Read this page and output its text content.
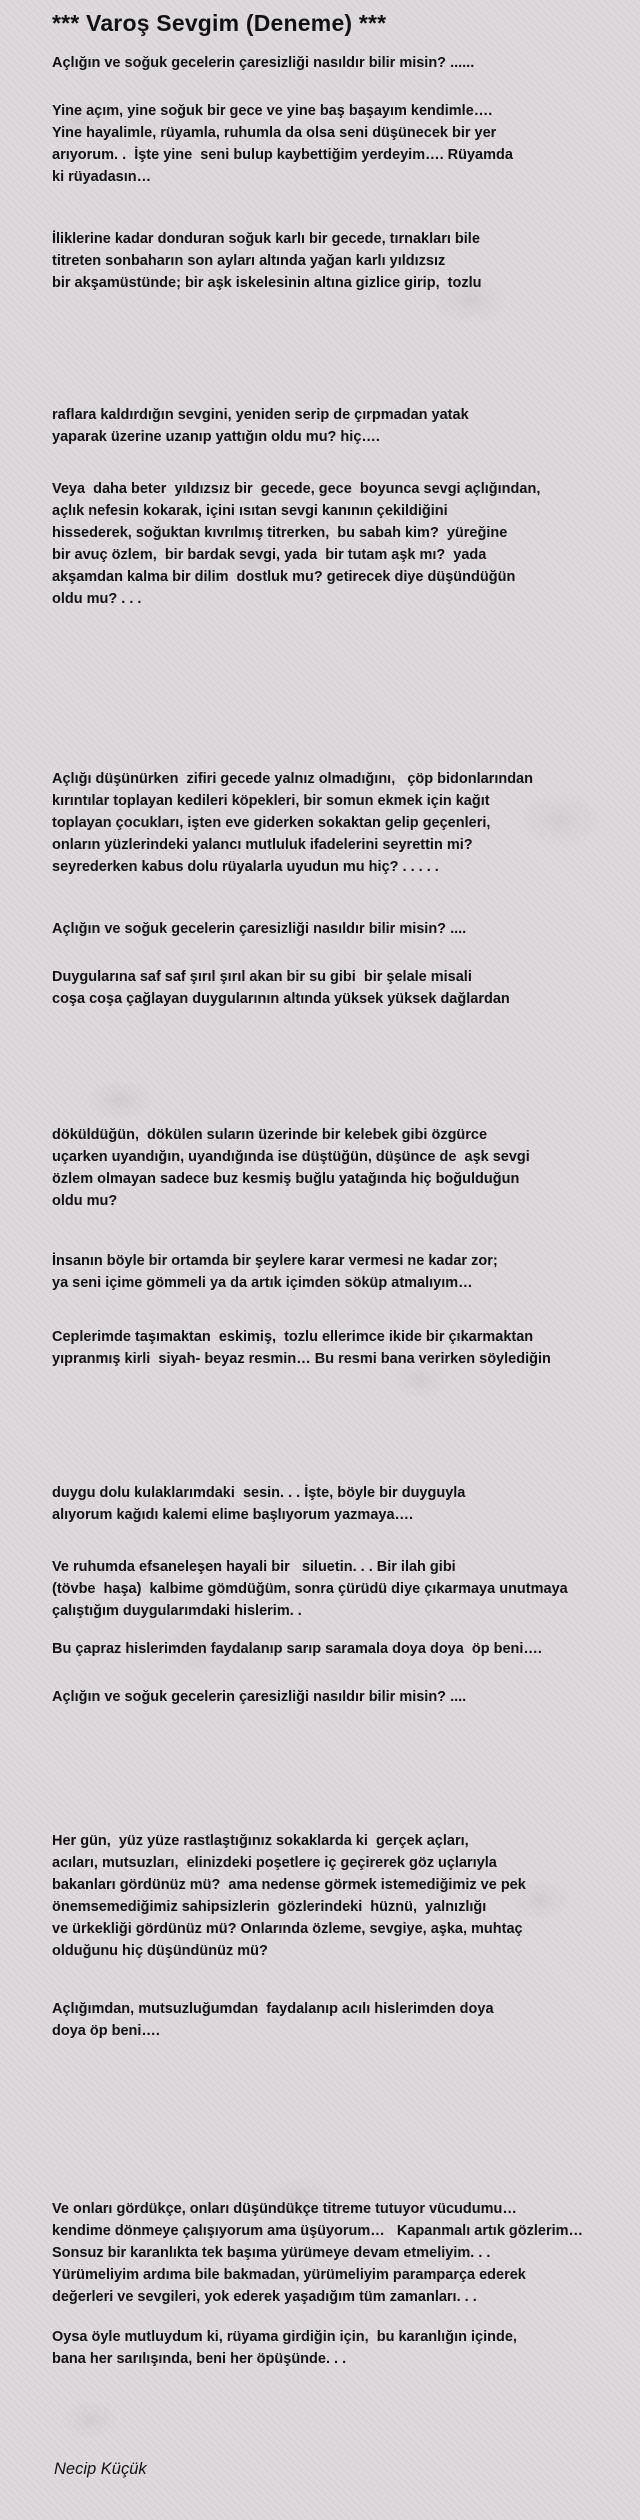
*** Varoş Sevgim (Deneme) ***

Açlığın ve soğuk gecelerin çaresizliği nasıldır bilir misin? ......

Yine açım, yine soğuk bir gece ve yine baş başayım kendimle….
Yine hayalimle, rüyamla, ruhumla da olsa seni düşünecek bir yer
arıyorum. .  İşte yine  seni bulup kaybettiğim yerdeyim…. Rüyamda
ki rüyadasın…

İliklerine kadar donduran soğuk karlı bir gecede, tırnakları bile
titreten sonbaharın son ayları altında yağan karlı yıldızsız
bir akşamüstünde; bir aşk iskelesinin altına gizlice girip,  tozlu

raflara kaldırdığın sevgini, yeniden serip de çırpmadan yatak
yaparak üzerine uzanıp yattığın oldu mu? hiç….

Veya  daha beter  yıldızsız bir  gecede, gece  boyunca sevgi açlığından,
açlık nefesin kokarak, içini ısıtan sevgi kanının çekildiğini
hissederek, soğuktan kıvrılmış titrerken,  bu sabah kim?  yüreğine
bir avuç özlem,  bir bardak sevgi, yada  bir tutam aşk mı?  yada
akşamdan kalma bir dilim  dostluk mu? getirecek diye düşündüğün
oldu mu? . . .

Açlığı düşünürken  zifiri gecede yalnız olmadığını,   çöp bidonlarından
kırıntılar toplayan kedileri köpekleri, bir somun ekmek için kağıt
toplayan çocukları, işten eve giderken sokaktan gelip geçenleri,
onların yüzlerindeki yalancı mutluluk ifadelerini seyrettin mi?
seyrederken kabus dolu rüyalarla uyudun mu hiç? . . . . .

Açlığın ve soğuk gecelerin çaresizliği nasıldır bilir misin? ....

Duygularına saf saf şırıl şırıl akan bir su gibi  bir şelale misali
coşa coşa çağlayan duygularının altında yüksek yüksek dağlardan

döküldüğün,  dökülen suların üzerinde bir kelebek gibi özgürce
uçarken uyandığın, uyandığında ise düştüğün, düşünce de  aşk sevgi
özlem olmayan sadece buz kesmiş buğlu yatağında hiç boğulduğun
oldu mu?

İnsanın böyle bir ortamda bir şeylere karar vermesi ne kadar zor;
ya seni içime gömmeli ya da artık içimden söküp atmalıyım…

Ceplerimde taşımaktan  eskimiş,  tozlu ellerimce ikide bir çıkarmaktan
yıpranmış kirli  siyah- beyaz resmin… Bu resmi bana verirken söylediğin

duygu dolu kulaklarımdaki  sesin. . . İşte, böyle bir duyguyla
alıyorum kağıdı kalemi elime başlıyorum yazmaya….

Ve ruhumda efsaneleşen hayali bir   siluetin. . . Bir ilah gibi
(tövbe  haşa)  kalbime gömdüğüm, sonra çürüdü diye çıkarmaya unutmaya
çalıştığım duygularımdaki hislerim. .

Bu çapraz hislerimden faydalanıp sarıp saramala doya doya  öp beni….

Açlığın ve soğuk gecelerin çaresizliği nasıldır bilir misin? ....

Her gün,  yüz yüze rastlaştığınız sokaklarda ki  gerçek açları,
acıları, mutsuzları,  elinizdeki poşetlere iç geçirerek göz uçlarıyla
bakanları gördünüz mü?  ama nedense görmek istemediğimiz ve pek
önemsemediğimiz sahipsizlerin  gözlerindeki  hüznü,  yalnızlığı
ve ürkekliği gördünüz mü? Onlarında özleme, sevgiye, aşka, muhtaç
olduğunu hiç düşündünüz mü?

Açlığımdan, mutsuzluğumdan  faydalanıp acılı hislerimden doya
doya öp beni….

Ve onları gördükçe, onları düşündükçe titreme tutuyor vücudumu…
kendime dönmeye çalışıyorum ama üşüyorum…   Kapanmalı artık gözlerim…
Sonsuz bir karanlıkta tek başıma yürümeye devam etmeliyim. . .
Yürümeliyim ardıma bile bakmadan, yürümeliyim paramparça ederek
değerleri ve sevgileri, yok ederek yaşadığım tüm zamanları. . .

Oysa öyle mutluydum ki, rüyama girdiğin için,  bu karanlığın içinde,
bana her sarılışında, beni her öpüşünde. . .

Necip Küçük
